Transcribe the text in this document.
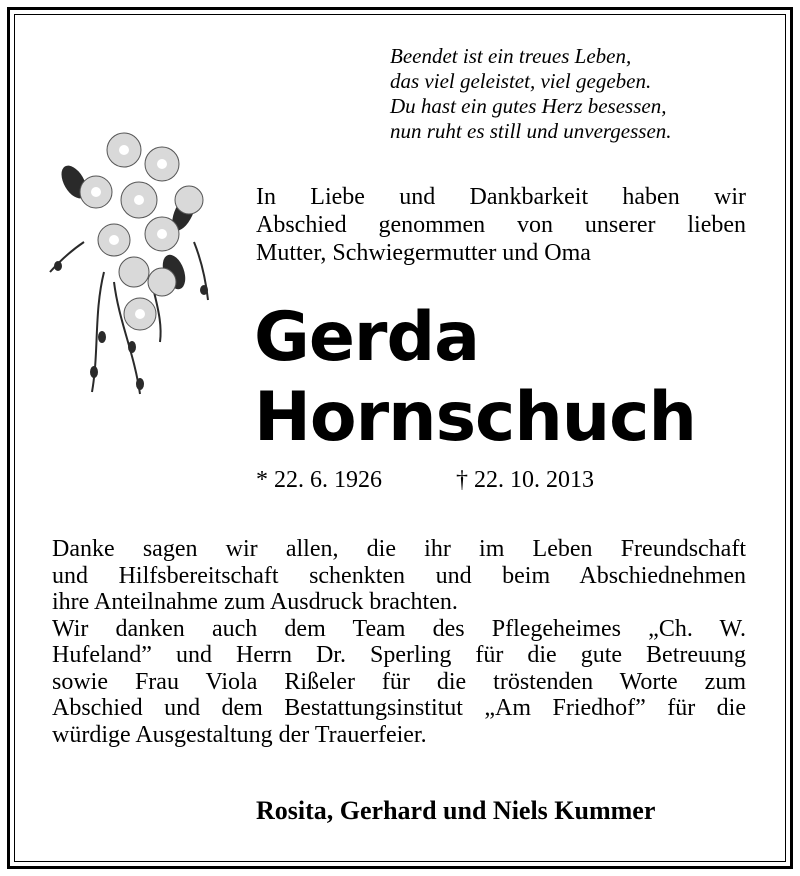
Beendet ist ein treues Leben,
das viel geleistet, viel gegeben.
Du hast ein gutes Herz besessen,
nun ruht es still und unvergessen.
In Liebe und Dankbarkeit haben wir
Abschied genommen von unserer lieben
Mutter, Schwiegermutter und Oma
Gerda
Hornschuch
* 22. 6. 1926	† 22. 10. 2013
Danke sagen wir allen, die ihr im Leben Freundschaft
und Hilfsbereitschaft schenkten und beim Abschiednehmen
ihre Anteilnahme zum Ausdruck brachten.
Wir danken auch dem Team des Pflegeheimes „Ch. W.
Hufeland” und Herrn Dr. Sperling für die gute Betreuung
sowie Frau Viola Rißeler für die tröstenden Worte zum
Abschied und dem Bestattungsinstitut „Am Friedhof” für die
würdige Ausgestaltung der Trauerfeier.
Rosita, Gerhard und Niels Kummer
